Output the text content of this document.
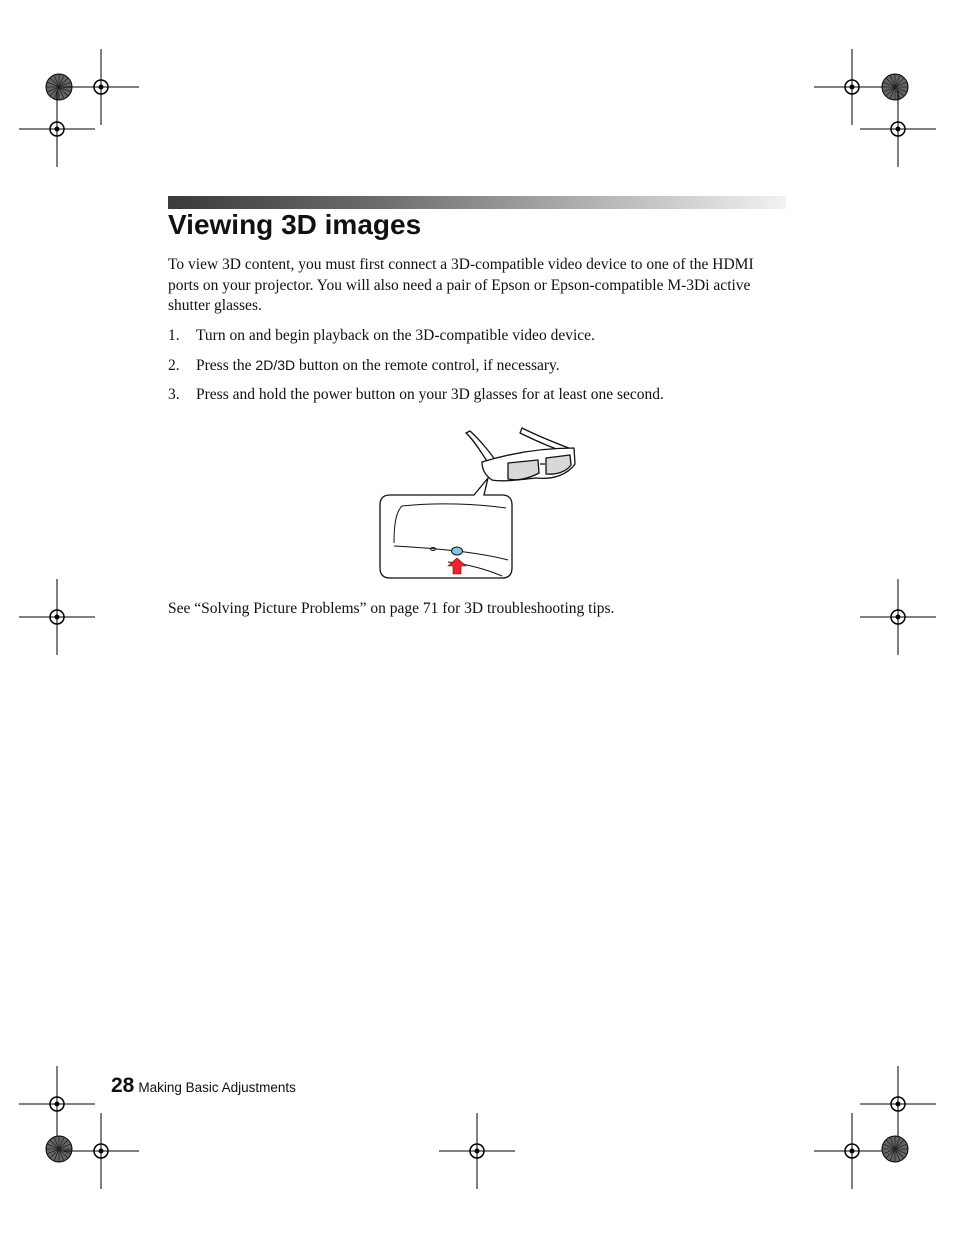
Viewing 3D images

To view 3D content, you must first connect a 3D-compatible video device to one of the HDMI ports on your projector. You will also need a pair of Epson or Epson-compatible M-3Di active shutter glasses.

1. Turn on and begin playback on the 3D-compatible video device.

2. Press the 2D/3D button on the remote control, if necessary.

3. Press and hold the power button on your 3D glasses for at least one second.

See “Solving Picture Problems” on page 71 for 3D troubleshooting tips.

28 Making Basic Adjustments
